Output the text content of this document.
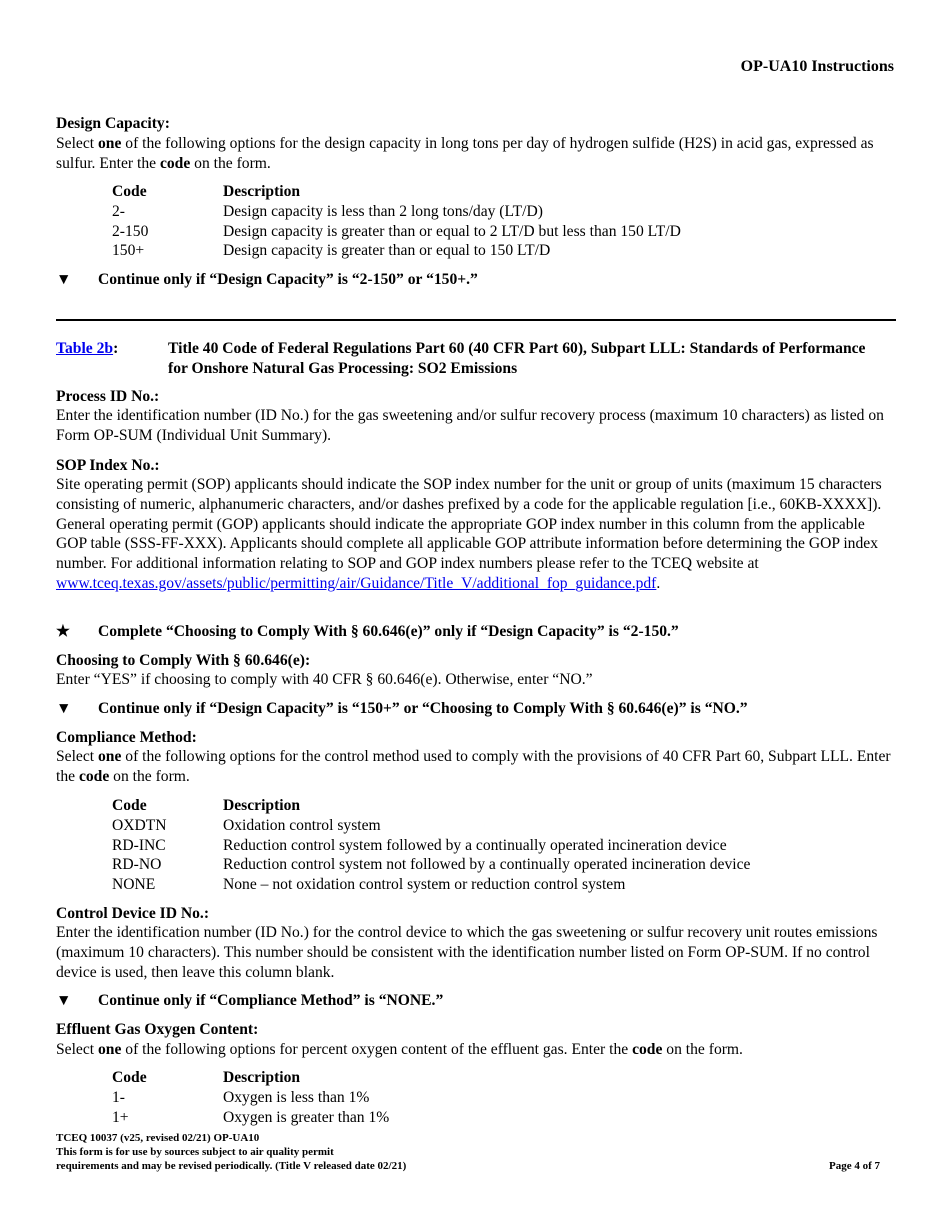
OP-UA10 Instructions
Design Capacity:
Select one of the following options for the design capacity in long tons per day of hydrogen sulfide (H2S) in acid gas, expressed as sulfur. Enter the code on the form.
Code	Description
2-	Design capacity is less than 2 long tons/day (LT/D)
2-150	Design capacity is greater than or equal to 2 LT/D but less than 150 LT/D
150+	Design capacity is greater than or equal to 150 LT/D
▼ Continue only if “Design Capacity” is “2-150” or “150+.”
Table 2b:	Title 40 Code of Federal Regulations Part 60 (40 CFR Part 60), Subpart LLL: Standards of Performance for Onshore Natural Gas Processing: SO2 Emissions
Process ID No.:
Enter the identification number (ID No.) for the gas sweetening and/or sulfur recovery process (maximum 10 characters) as listed on Form OP-SUM (Individual Unit Summary).
SOP Index No.:
Site operating permit (SOP) applicants should indicate the SOP index number for the unit or group of units (maximum 15 characters consisting of numeric, alphanumeric characters, and/or dashes prefixed by a code for the applicable regulation [i.e., 60KB-XXXX]). General operating permit (GOP) applicants should indicate the appropriate GOP index number in this column from the applicable GOP table (SSS-FF-XXX). Applicants should complete all applicable GOP attribute information before determining the GOP index number. For additional information relating to SOP and GOP index numbers please refer to the TCEQ website at www.tceq.texas.gov/assets/public/permitting/air/Guidance/Title_V/additional_fop_guidance.pdf.
★ Complete “Choosing to Comply With § 60.646(e)” only if “Design Capacity” is “2-150.”
Choosing to Comply With § 60.646(e):
Enter “YES” if choosing to comply with 40 CFR § 60.646(e). Otherwise, enter “NO.”
▼ Continue only if “Design Capacity” is “150+” or “Choosing to Comply With § 60.646(e)” is “NO.”
Compliance Method:
Select one of the following options for the control method used to comply with the provisions of 40 CFR Part 60, Subpart LLL. Enter the code on the form.
Code	Description
OXDTN	Oxidation control system
RD-INC	Reduction control system followed by a continually operated incineration device
RD-NO	Reduction control system not followed by a continually operated incineration device
NONE	None – not oxidation control system or reduction control system
Control Device ID No.:
Enter the identification number (ID No.) for the control device to which the gas sweetening or sulfur recovery unit routes emissions (maximum 10 characters). This number should be consistent with the identification number listed on Form OP-SUM. If no control device is used, then leave this column blank.
▼ Continue only if “Compliance Method” is “NONE.”
Effluent Gas Oxygen Content:
Select one of the following options for percent oxygen content of the effluent gas. Enter the code on the form.
Code	Description
1-	Oxygen is less than 1%
1+	Oxygen is greater than 1%
TCEQ 10037 (v25, revised 02/21) OP-UA10
This form is for use by sources subject to air quality permit
requirements and may be revised periodically. (Title V released date 02/21)	Page 4 of 7
